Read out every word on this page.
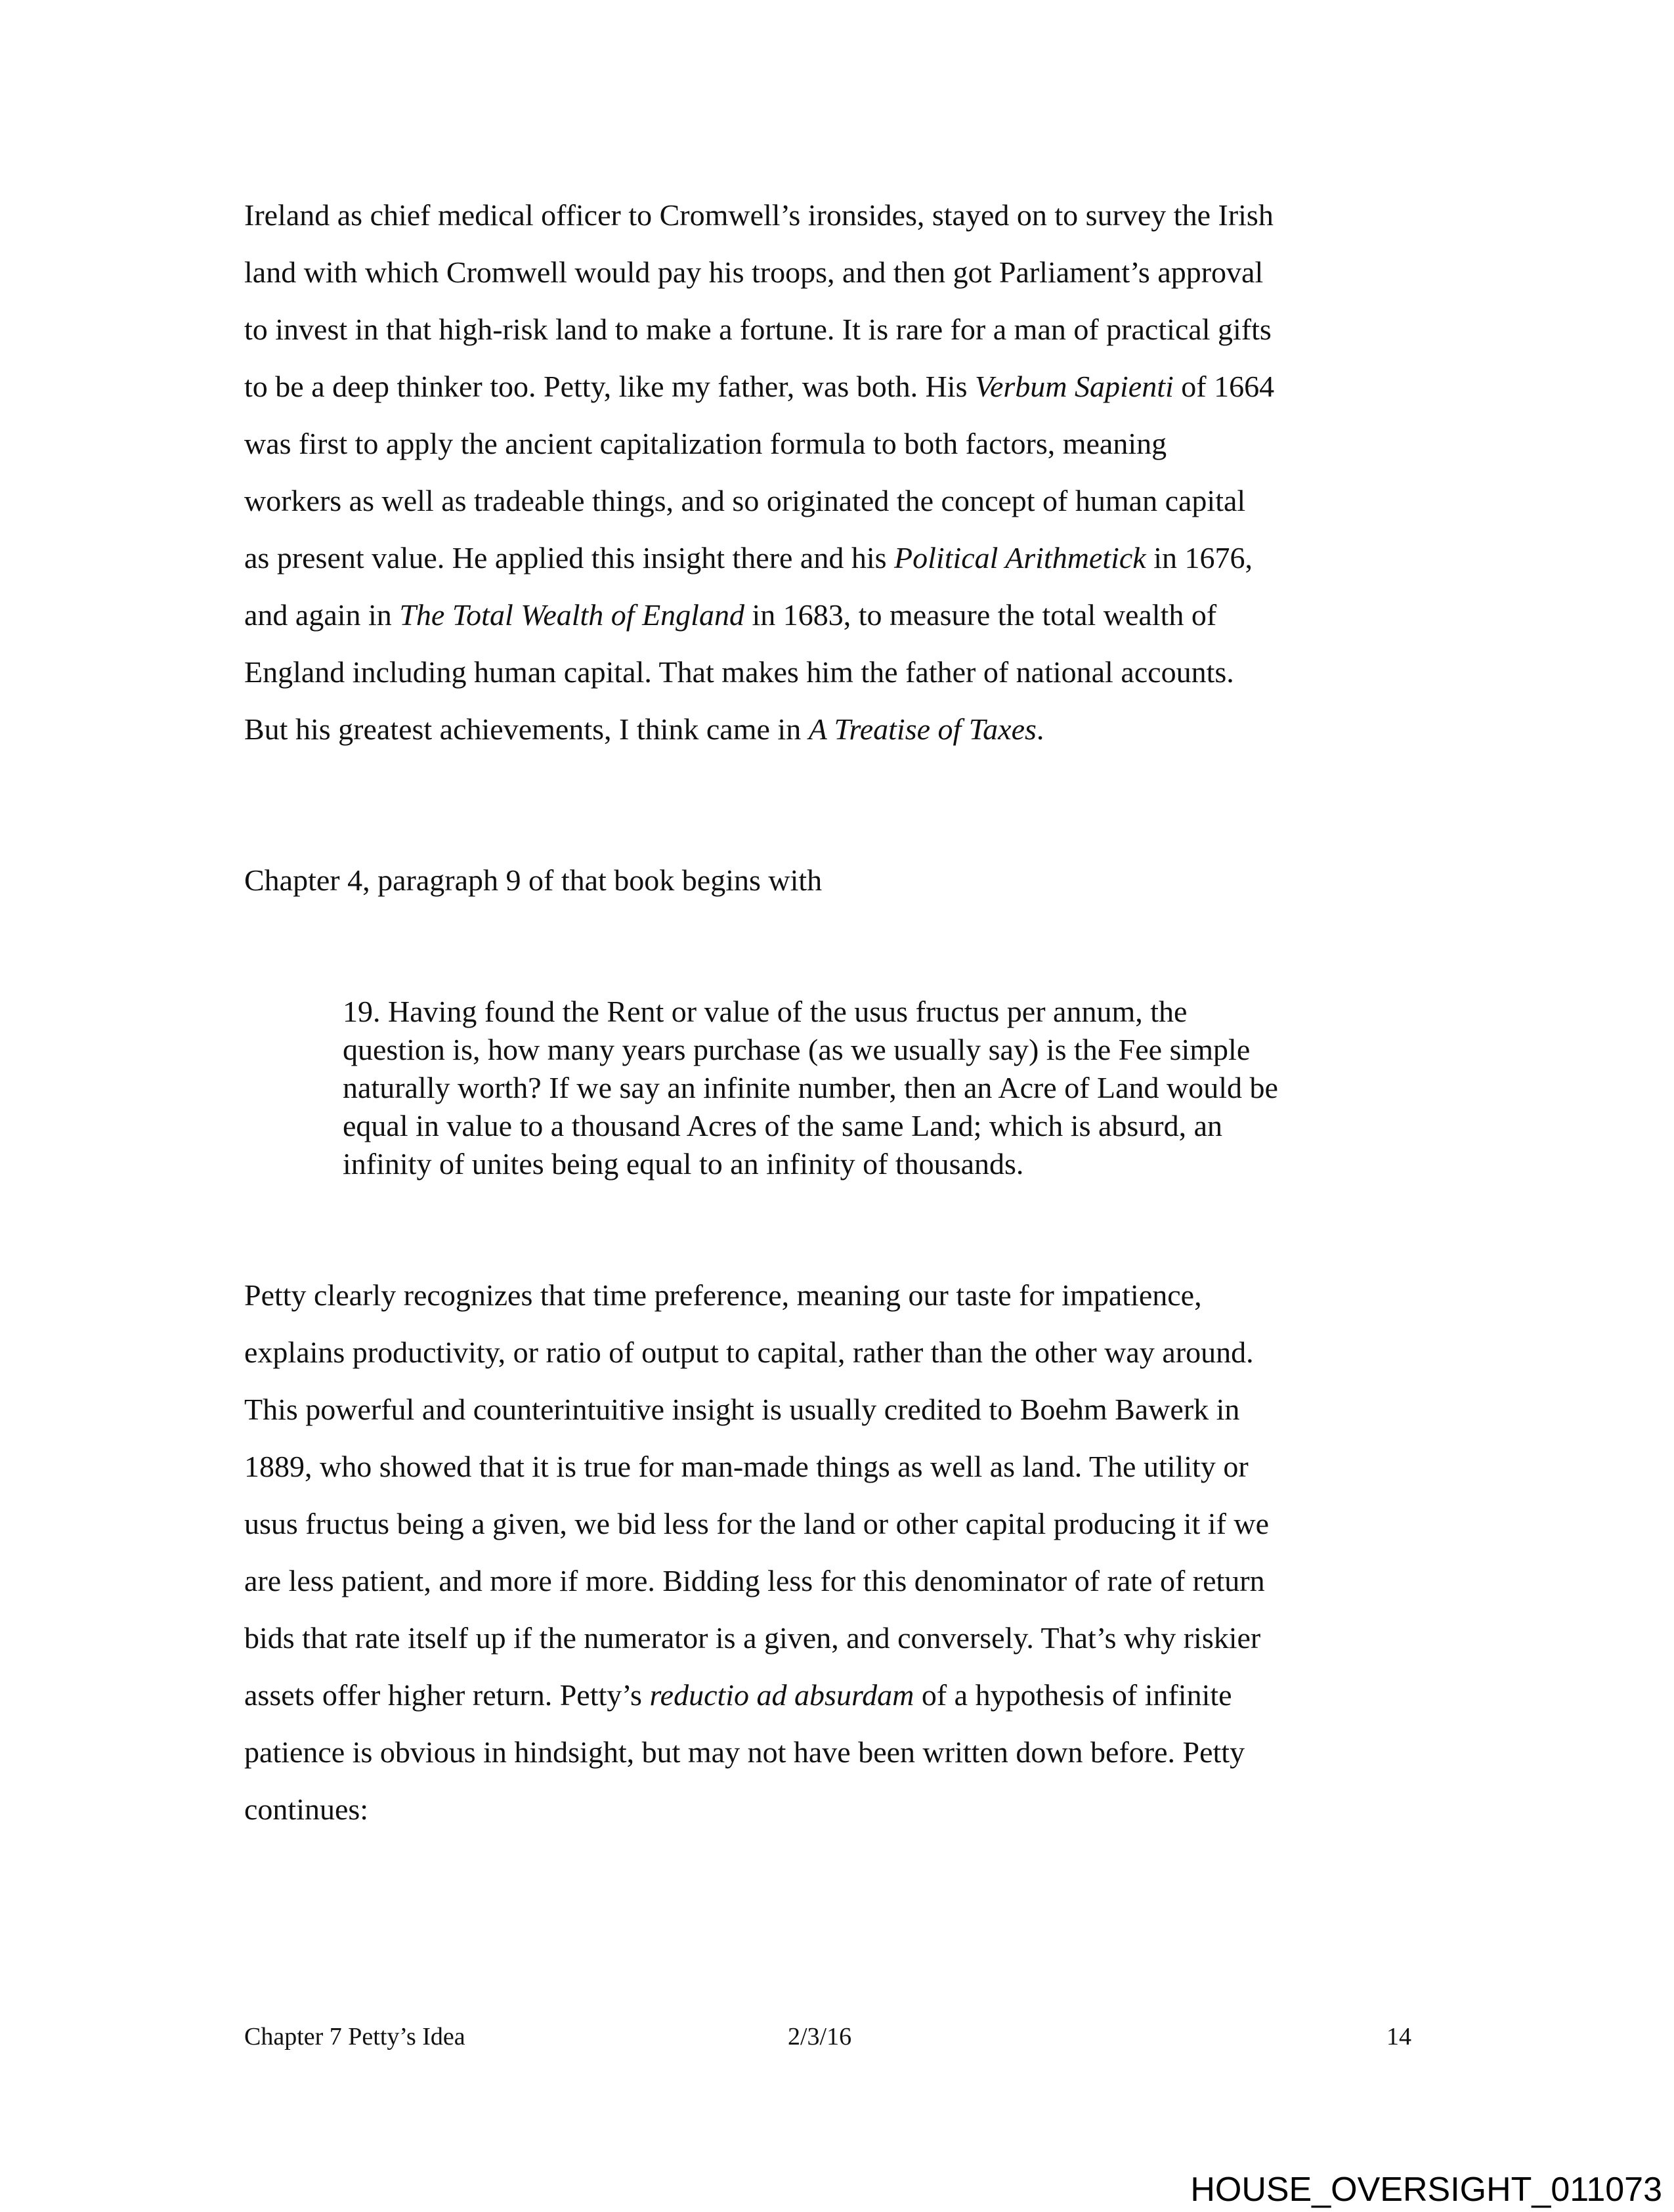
Ireland as chief medical officer to Cromwell’s ironsides, stayed on to survey the Irish
land with which Cromwell would pay his troops, and then got Parliament’s approval
to invest in that high-risk land to make a fortune. It is rare for a man of practical gifts
to be a deep thinker too. Petty, like my father, was both. His Verbum Sapienti of 1664
was first to apply the ancient capitalization formula to both factors, meaning
workers as well as tradeable things, and so originated the concept of human capital
as present value. He applied this insight there and his Political Arithmetick in 1676,
and again in The Total Wealth of England in 1683, to measure the total wealth of
England including human capital. That makes him the father of national accounts.
But his greatest achievements, I think came in A Treatise of Taxes.
Chapter 4, paragraph 9 of that book begins with
19. Having found the Rent or value of the usus fructus per annum, the
question is, how many years purchase (as we usually say) is the Fee simple
naturally worth? If we say an infinite number, then an Acre of Land would be
equal in value to a thousand Acres of the same Land; which is absurd, an
infinity of unites being equal to an infinity of thousands.
Petty clearly recognizes that time preference, meaning our taste for impatience,
explains productivity, or ratio of output to capital, rather than the other way around.
This powerful and counterintuitive insight is usually credited to Boehm Bawerk in
1889, who showed that it is true for man-made things as well as land. The utility or
usus fructus being a given, we bid less for the land or other capital producing it if we
are less patient, and more if more. Bidding less for this denominator of rate of return
bids that rate itself up if the numerator is a given, and conversely. That’s why riskier
assets offer higher return. Petty’s reductio ad absurdam of a hypothesis of infinite
patience is obvious in hindsight, but may not have been written down before. Petty
continues:
Chapter 7 Petty’s Idea	2/3/16	14
HOUSE_OVERSIGHT_011073
